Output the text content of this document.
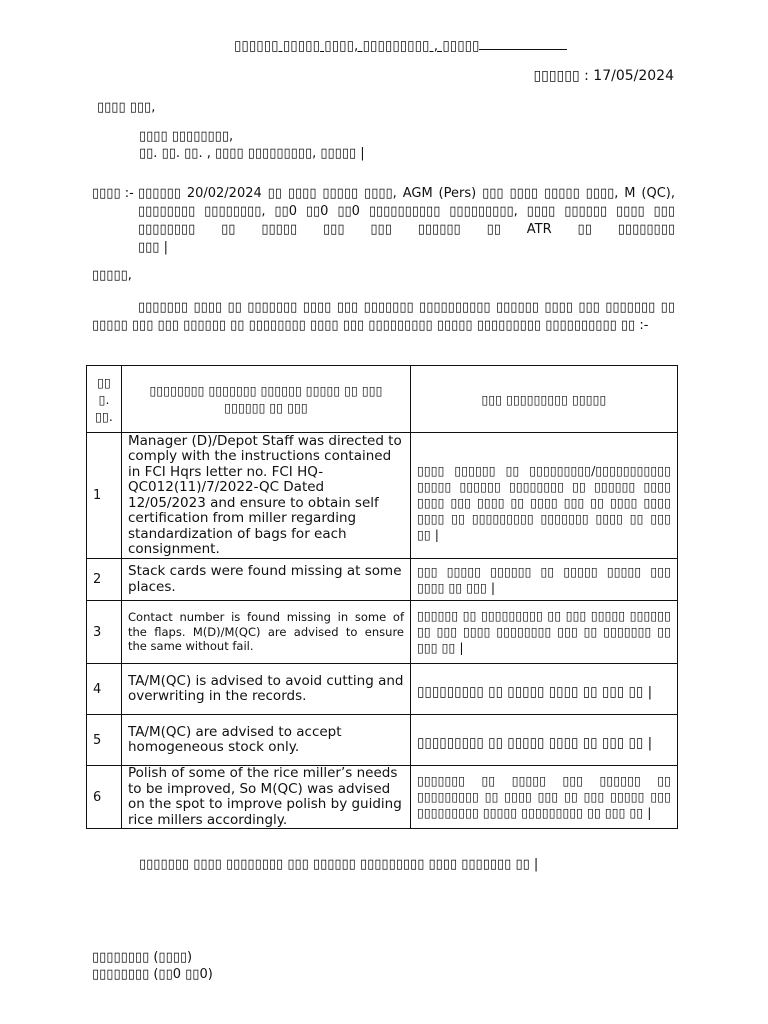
▯▯▯▯▯▯ ▯▯▯▯▯ ▯▯▯▯, ▯▯▯▯▯▯▯▯▯ , ▯▯▯▯▯
▯▯▯▯▯▯ : 17/05/2024
▯▯▯▯ ▯▯▯,
▯▯▯▯ ▯▯▯▯▯▯▯▯,
▯▯. ▯▯. ▯▯. , ▯▯▯▯ ▯▯▯▯▯▯▯▯▯, ▯▯▯▯▯ |
▯▯▯▯ :- ▯▯▯▯▯▯ 20/02/2024 ▯▯ ▯▯▯▯ ▯▯▯▯▯ ▯▯▯▯, AGM (Pers) ▯▯▯ ▯▯▯▯ ▯▯▯▯▯ ▯▯▯▯, M (QC), ▯▯▯▯▯▯▯▯ ▯▯▯▯▯▯▯▯, ▯▯0 ▯▯0 ▯▯0 ▯▯▯▯▯▯▯▯▯▯ ▯▯▯▯▯▯▯▯▯, ▯▯▯▯ ▯▯▯▯▯▯ ▯▯▯▯ ▯▯▯ ▯▯▯▯▯▯▯▯ ▯▯ ▯▯▯▯▯ ▯▯▯ ▯▯▯ ▯▯▯▯▯▯ ▯▯ ATR ▯▯ ▯▯▯▯▯▯▯▯

▯▯▯ |

▯▯▯▯▯,
▯▯▯▯▯▯▯ ▯▯▯▯ ▯▯ ▯▯▯▯▯▯▯ ▯▯▯▯ ▯▯▯ ▯▯▯▯▯▯▯ ▯▯▯▯▯▯▯▯▯▯ ▯▯▯▯▯▯ ▯▯▯▯ ▯▯▯ ▯▯▯▯▯▯▯ ▯▯ ▯▯▯▯▯ ▯▯▯ ▯▯▯ ▯▯▯▯▯▯ ▯▯ ▯▯▯▯▯▯▯▯ ▯▯▯▯ ▯▯▯ ▯▯▯▯▯▯▯▯▯ ▯▯▯▯▯ ▯▯▯▯▯▯▯▯▯ ▯▯▯▯▯▯▯▯▯▯ ▯▯ :-
▯▯ ▯. ▯▯.	▯▯▯▯▯▯▯▯ ▯▯▯▯▯▯▯ ▯▯▯▯▯▯ ▯▯▯▯▯ ▯▯ ▯▯▯ ▯▯▯▯▯▯ ▯▯ ▯▯▯	▯▯▯ ▯▯▯▯▯▯▯▯▯ ▯▯▯▯▯
1	Manager (D)/Depot Staff was directed to comply with the instructions contained in FCI Hqrs letter no. FCI HQ-QC012(11)/7/2022-QC Dated 12/05/2023 and ensure to obtain self certification from miller regarding standardization of bags for each consignment.	▯▯▯▯ ▯▯▯▯▯▯ ▯▯ ▯▯▯▯▯▯▯▯▯/▯▯▯▯▯▯▯▯▯▯▯ ▯▯▯▯▯ ▯▯▯▯▯▯ ▯▯▯▯▯▯▯▯ ▯▯ ▯▯▯▯▯▯ ▯▯▯▯ ▯▯▯▯ ▯▯▯ ▯▯▯▯ ▯▯ ▯▯▯▯ ▯▯▯ ▯▯ ▯▯▯▯ ▯▯▯▯ ▯▯▯▯ ▯▯ ▯▯▯▯▯▯▯▯▯ ▯▯▯▯▯▯▯ ▯▯▯▯ ▯▯ ▯▯▯ ▯▯ |
2	Stack cards were found missing at some places.	▯▯▯ ▯▯▯▯▯ ▯▯▯▯▯▯ ▯▯ ▯▯▯▯▯ ▯▯▯▯▯ ▯▯▯ ▯▯▯▯ ▯▯ ▯▯▯ |
3	Contact number is found missing in some of the flaps. M(D)/M(QC) are advised to ensure the same without fail.	▯▯▯▯▯▯ ▯▯ ▯▯▯▯▯▯▯▯▯ ▯▯ ▯▯▯ ▯▯▯▯▯ ▯▯▯▯▯▯ ▯▯ ▯▯▯ ▯▯▯▯ ▯▯▯▯▯▯▯▯ ▯▯▯ ▯▯ ▯▯▯▯▯▯▯ ▯▯ ▯▯▯ ▯▯ |
4	TA/M(QC) is advised to avoid cutting and overwriting in the records.	▯▯▯▯▯▯▯▯▯ ▯▯ ▯▯▯▯▯ ▯▯▯▯ ▯▯ ▯▯▯ ▯▯ |
5	TA/M(QC) are advised to accept homogeneous stock only.	▯▯▯▯▯▯▯▯▯ ▯▯ ▯▯▯▯▯ ▯▯▯▯ ▯▯ ▯▯▯ ▯▯ |
6	Polish of some of the rice miller’s needs to be improved, So M(QC) was advised on the spot to improve polish by guiding rice millers accordingly.	▯▯▯▯▯▯▯ ▯▯ ▯▯▯▯▯ ▯▯▯ ▯▯▯▯▯▯ ▯▯ ▯▯▯▯▯▯▯▯▯ ▯▯ ▯▯▯▯ ▯▯▯ ▯▯ ▯▯▯ ▯▯▯▯▯ ▯▯▯ ▯▯▯▯▯▯▯▯▯ ▯▯▯▯▯ ▯▯▯▯▯▯▯▯▯ ▯▯ ▯▯▯ ▯▯ |
▯▯▯▯▯▯▯ ▯▯▯▯ ▯▯▯▯▯▯▯▯ ▯▯▯ ▯▯▯▯▯▯ ▯▯▯▯▯▯▯▯▯ ▯▯▯▯ ▯▯▯▯▯▯▯ ▯▯ |
▯▯▯▯▯▯▯▯ (▯▯▯▯)
▯▯▯▯▯▯▯▯ (▯▯0 ▯▯0)
